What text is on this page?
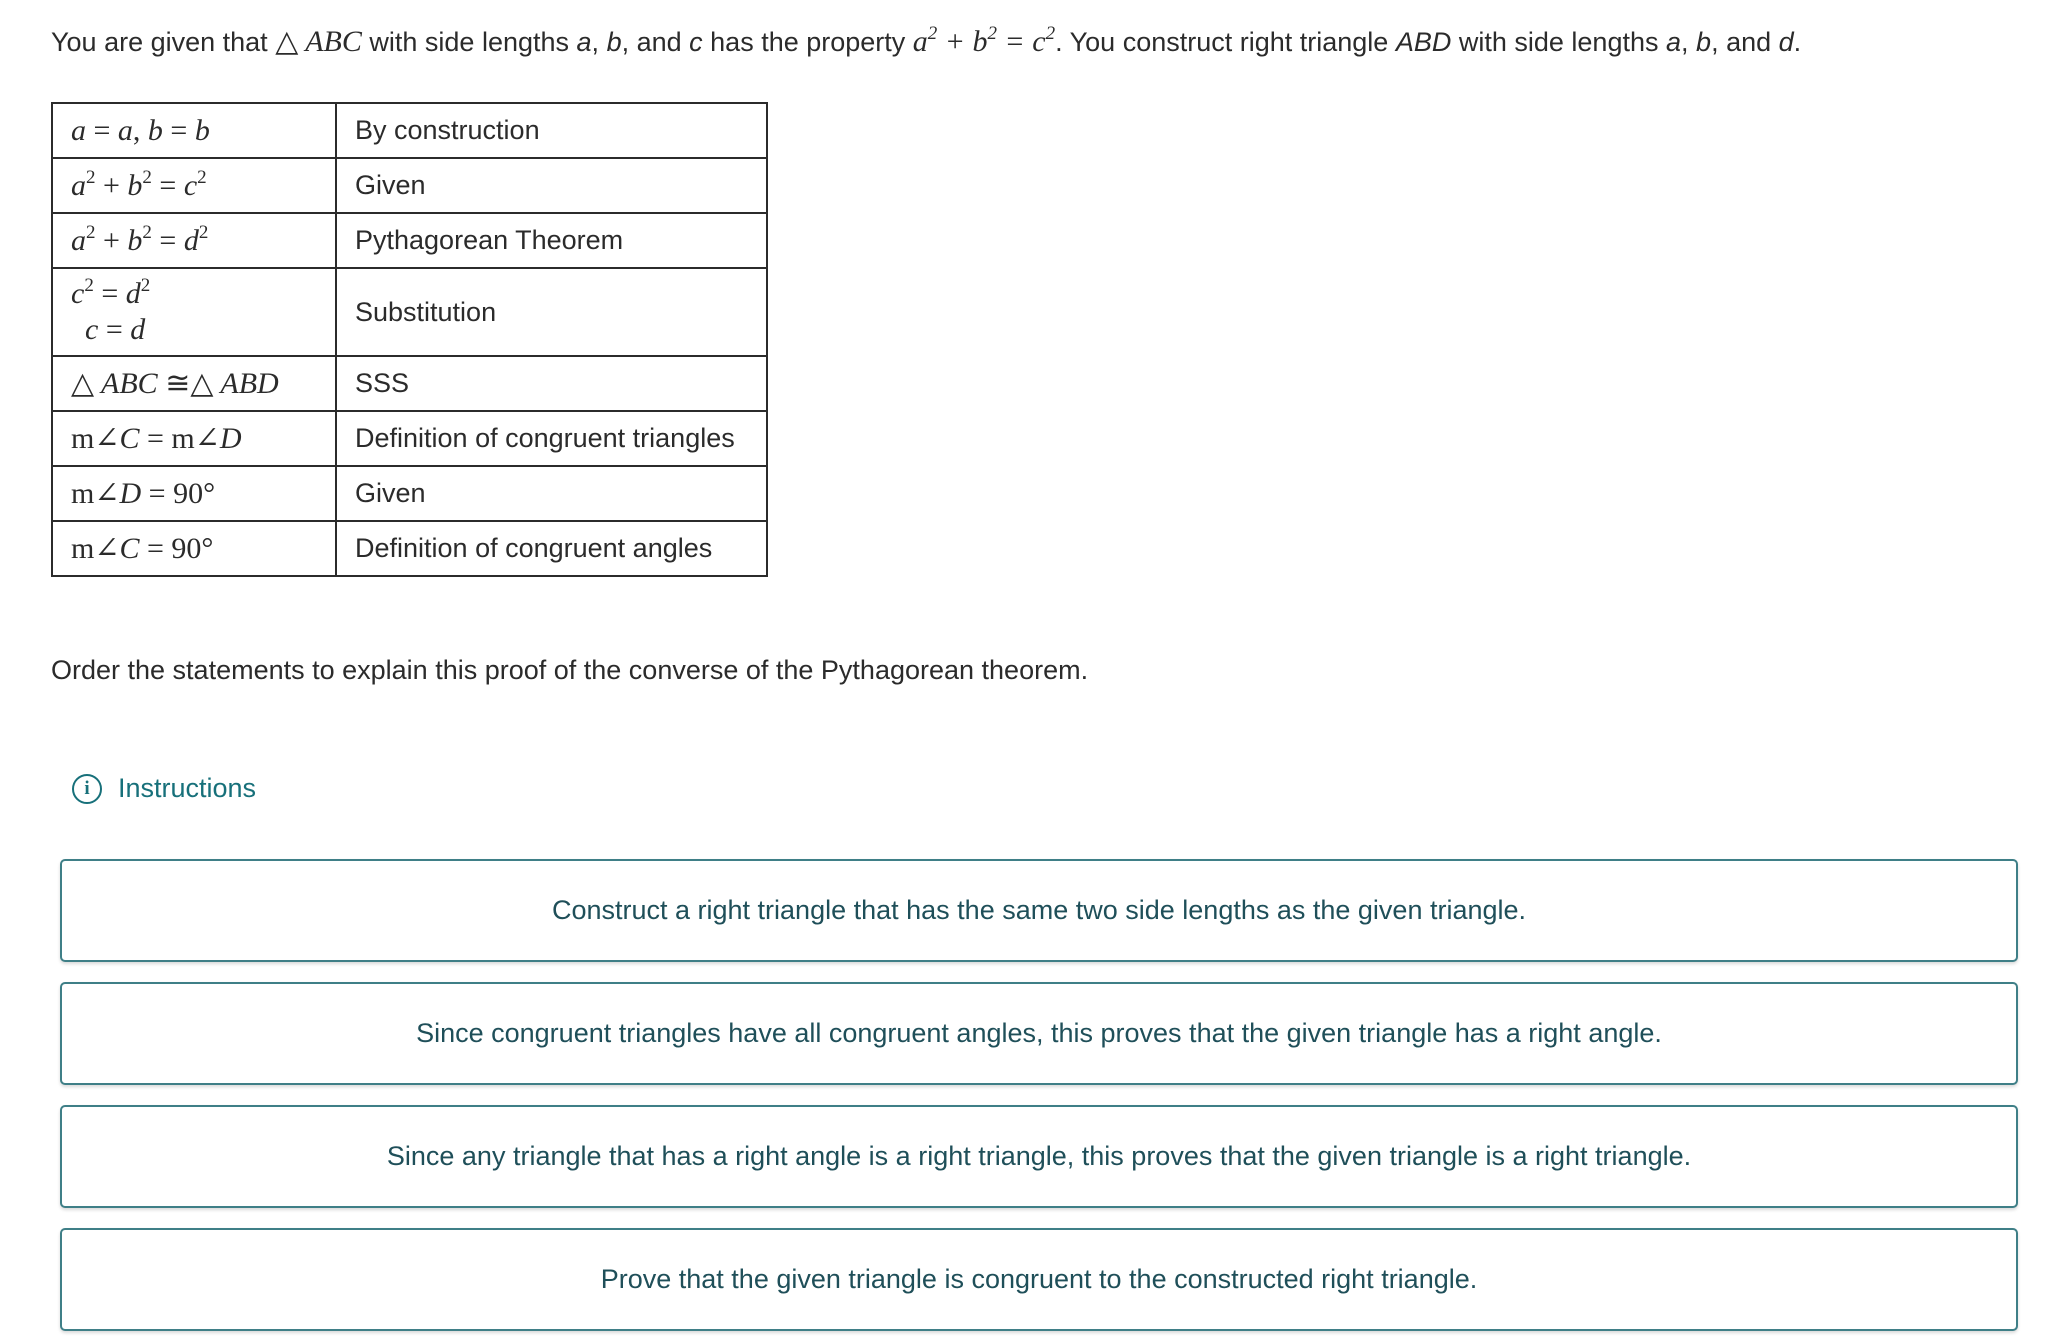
You are given that △ ABC with side lengths a, b, and c has the property $a^2 + b^2 = c^2$. You construct right triangle ABD with side lengths a, b, and d.
a = a, b = b	By construction
$a^2 + b^2 = c^2$	Given
$a^2 + b^2 = d^2$	Pythagorean Theorem

$c^2 = d^2$
c = d	Substitution
△ ABC ≅△ ABD	SSS
m∠C = m∠D	Definition of congruent triangles
m∠D = 90°	Given
m∠C = 90°	Definition of congruent angles
Order the statements to explain this proof of the converse of the Pythagorean theorem.
i	Instructions
Construct a right triangle that has the same two side lengths as the given triangle.
Since congruent triangles have all congruent angles, this proves that the given triangle has a right angle.
Since any triangle that has a right angle is a right triangle, this proves that the given triangle is a right triangle.
Prove that the given triangle is congruent to the constructed right triangle.
